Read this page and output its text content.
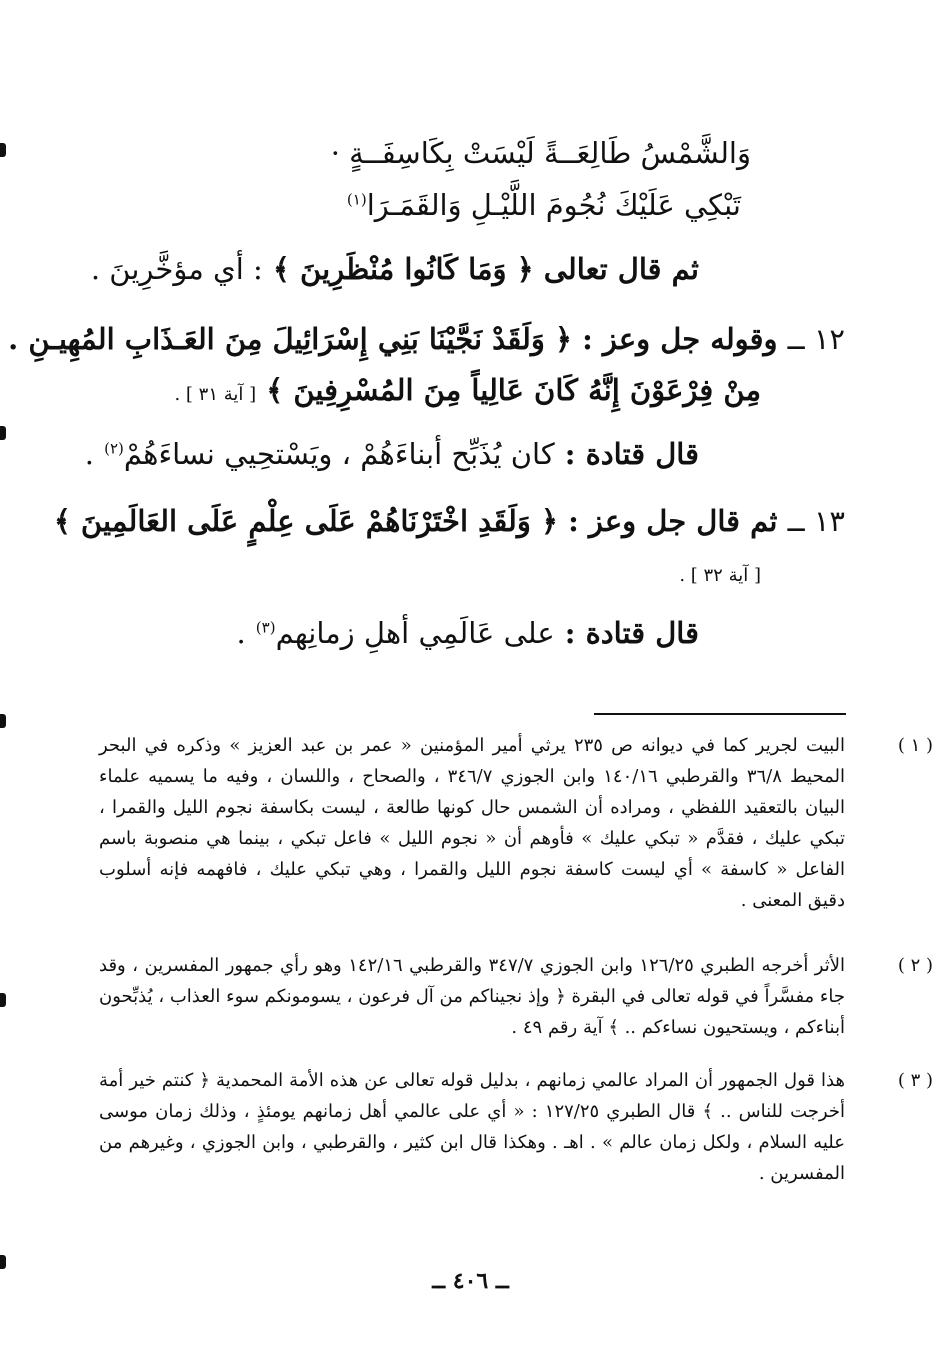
وَالشَّمْسُ طَالِعَــةً لَيْسَتْ بِكَاسِفَــةٍ ·
تَبْكِي عَلَيْكَ نُجُومَ اللَّيْـلِ وَالقَمَـرَا$^{(١)}$
ثم قال تعالى ﴿ وَمَا كَانُوا مُنْظَرِينَ ﴾ : أي مؤخَّرِينَ .
١٢ ــ وقوله جل وعز : ﴿ وَلَقَدْ نَجَّيْنَا بَنِي إِسْرَائِيلَ مِنَ العَـذَابِ المُهِيـنِ .
مِنْ فِرْعَوْنَ إِنَّهُ كَانَ عَالِياً مِنَ المُسْرِفِينَ ﴾ [ آية ٣١ ] .
قال قتادة : كان يُذَبِّح أبناءَهُمْ ، ويَسْتحِيي نساءَهُمْ$^{(٢)}$ .
١٣ ــ ثم قال جل وعز : ﴿ وَلَقَدِ اخْتَرْنَاهُمْ عَلَى عِلْمٍ عَلَى العَالَمِينَ ﴾
[ آية ٣٢ ] .
قال قتادة : على عَالَمِي أهلِ زمانِهم$^{(٣)}$ .
( ١ )
البيت لجرير كما في ديوانه ص ٢٣٥ يرثي أمير المؤمنين « عمر بن عبد العزيز » وذكره في البحر المحيط ٣٦/٨ والقرطبي ١٤٠/١٦ وابن الجوزي ٣٤٦/٧ ، والصحاح ، واللسان ، وفيه ما يسميه علماء البيان بالتعقيد اللفظي ، ومراده أن الشمس حال كونها طالعة ، ليست بكاسفة نجوم الليل والقمرا ، تبكي عليك ، فقدَّم « تبكي عليك » فأوهم أن « نجوم الليل » فاعل تبكي ، بينما هي منصوبة باسم الفاعل « كاسفة » أي ليست كاسفة نجوم الليل والقمرا ، وهي تبكي عليك ، فافهمه فإنه أسلوب دقيق المعنى .
( ٢ )
الأثر أخرجه الطبري ١٢٦/٢٥ وابن الجوزي ٣٤٧/٧ والقرطبي ١٤٢/١٦ وهو رأي جمهور المفسرين ، وقد جاء مفسَّراً في قوله تعالى في البقرة ﴿ وإذ نجيناكم من آل فرعون ، يسومونكم سوء العذاب ، يُذبِّحون أبناءكم ، ويستحيون نساءكم .. ﴾ آية رقم ٤٩ .
( ٣ )
هذا قول الجمهور أن المراد عالمي زمانهم ، بدليل قوله تعالى عن هذه الأمة المحمدية ﴿ كنتم خير أمة أخرجت للناس .. ﴾ قال الطبري ١٢٧/٢٥ : « أي على عالمي أهل زمانهم يومئذٍ ، وذلك زمان موسى عليه السلام ، ولكل زمان عالم » . اهـ . وهكذا قال ابن كثير ، والقرطبي ، وابن الجوزي ، وغيرهم من المفسرين .
ــ ٤٠٦ ــ
